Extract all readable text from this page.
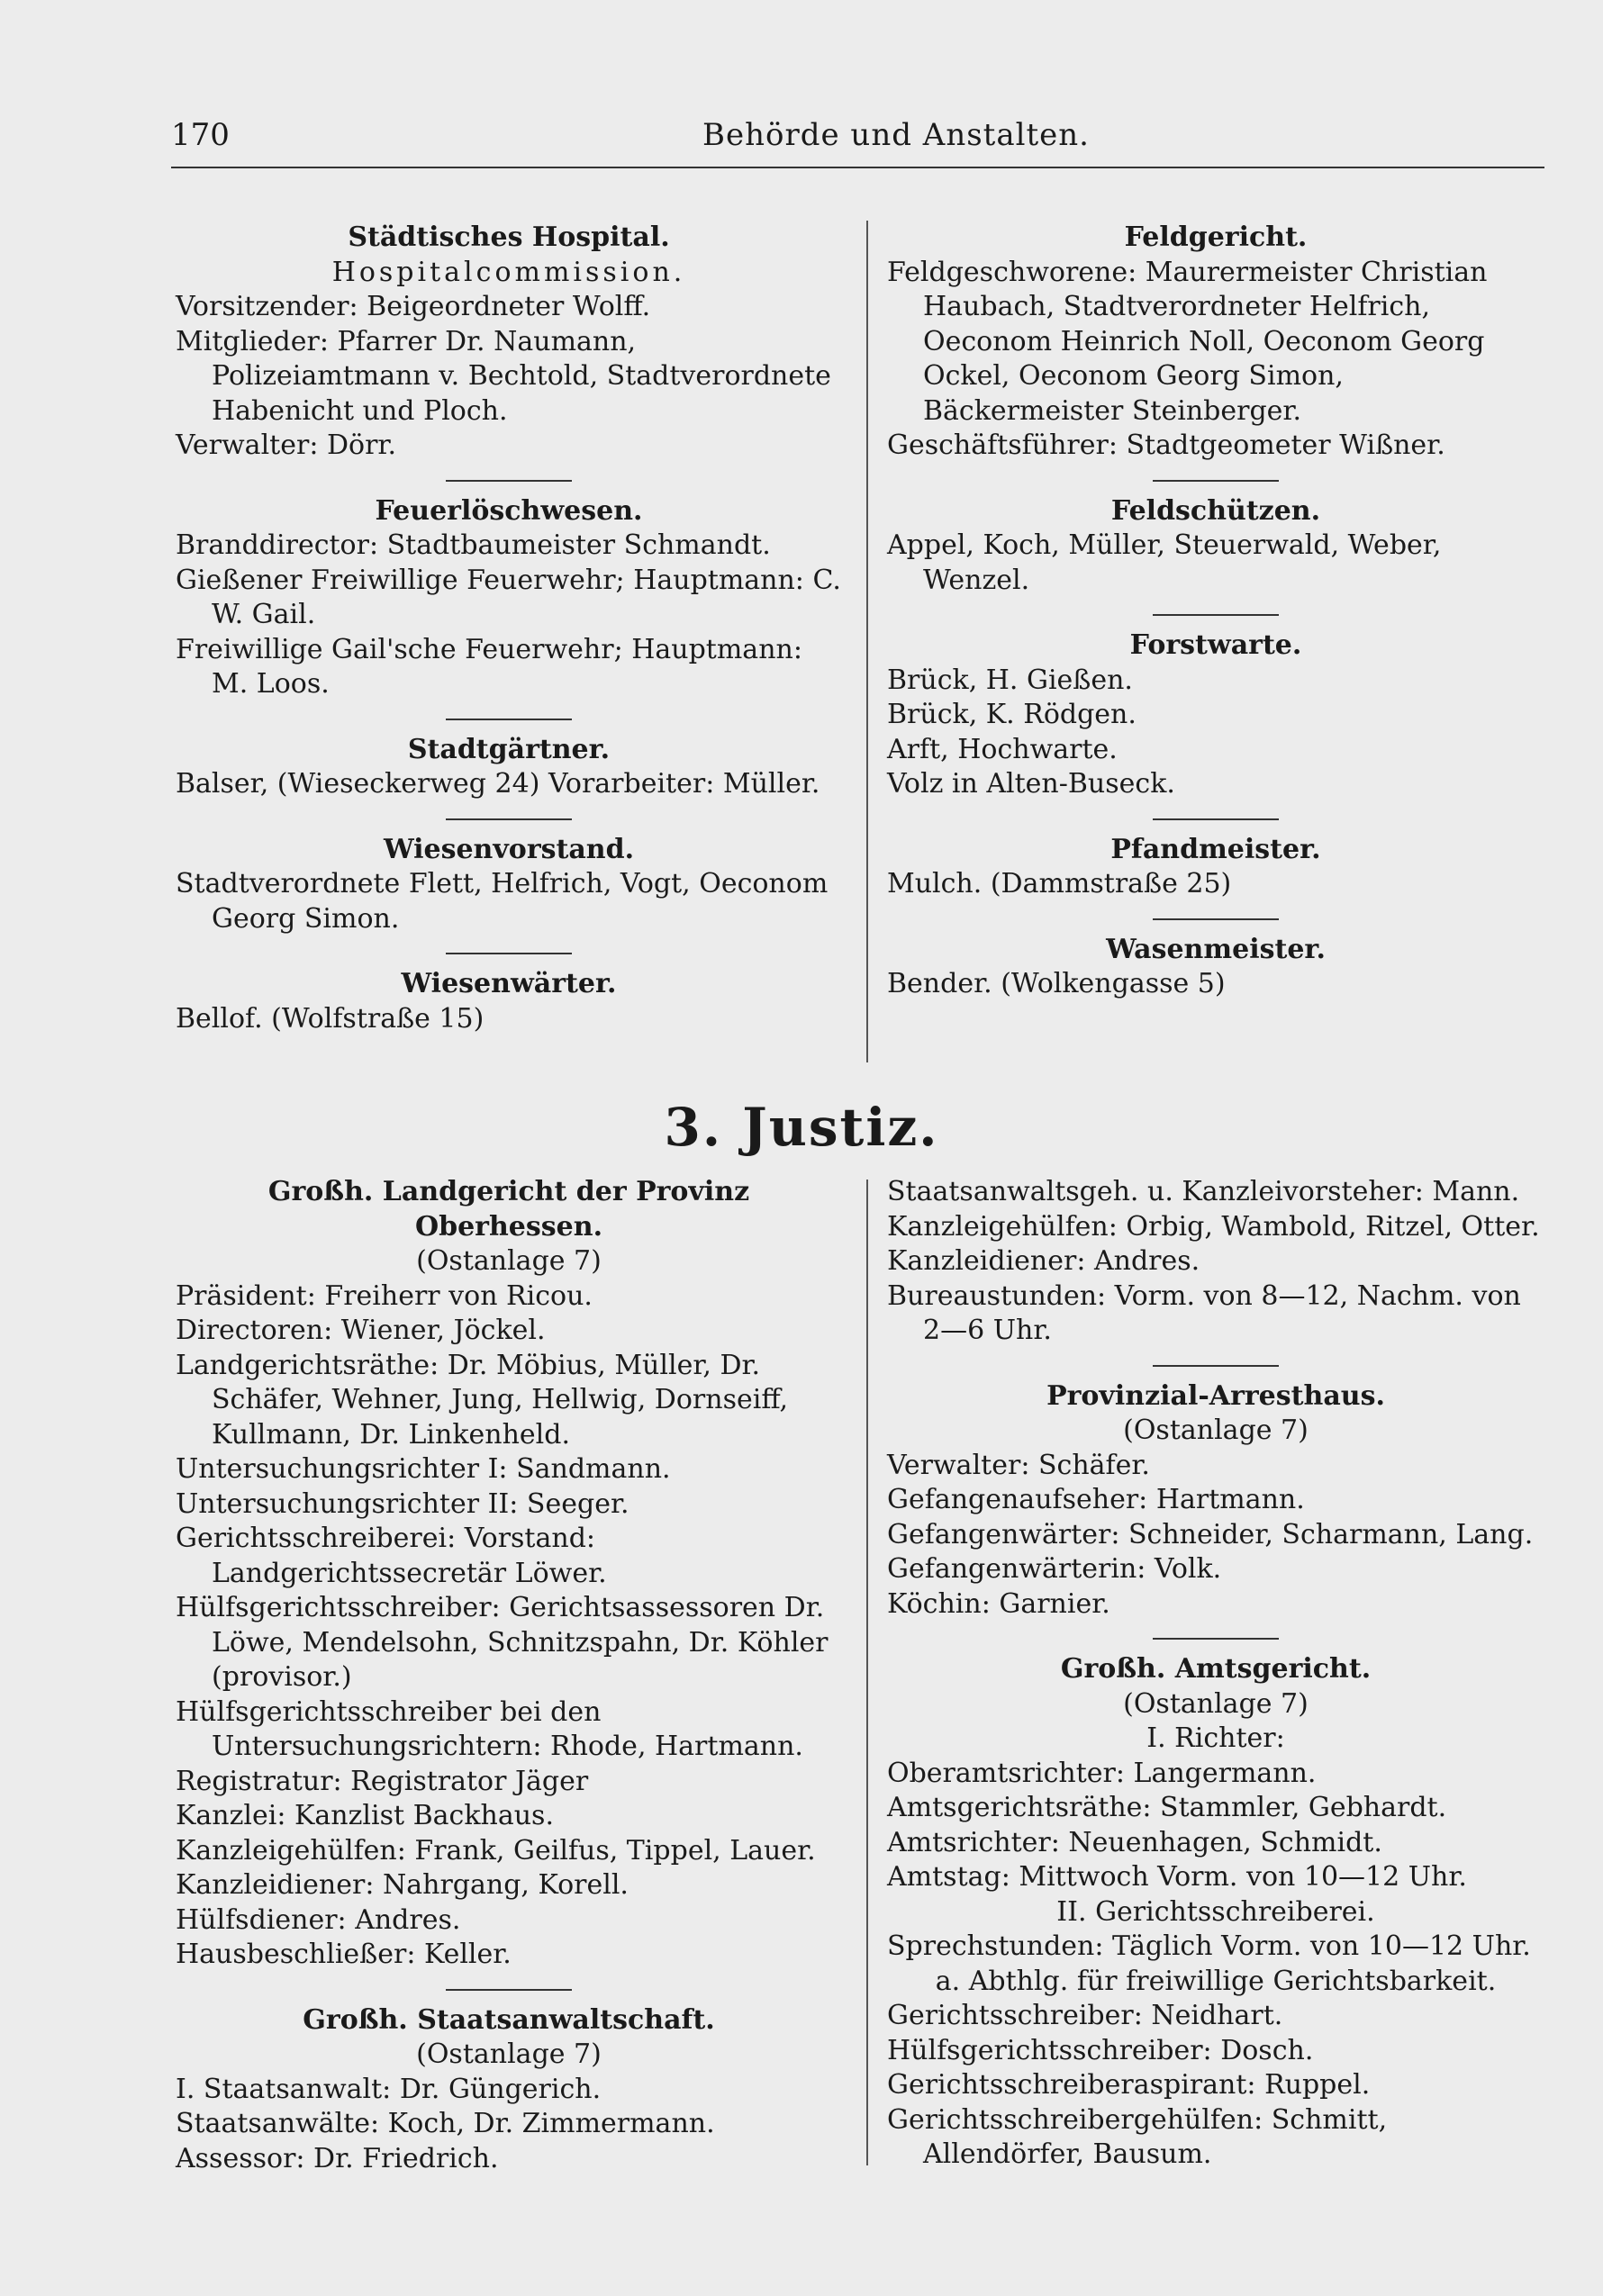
170	Behörde und Anstalten.
Städtisches Hospital.
Hospitalcommission.
Vorsitzender: Beigeordneter Wolff.
Mitglieder: Pfarrer Dr. Naumann, Polizeiamtmann v. Bechtold, Stadtverordnete Habenicht und Ploch.
Verwalter: Dörr.
Feuerlöschwesen.
Branddirector: Stadtbaumeister Schmandt.
Gießener Freiwillige Feuerwehr; Hauptmann: C. W. Gail.
Freiwillige Gail'sche Feuerwehr; Hauptmann: M. Loos.
Stadtgärtner.
Balser, (Wieseckerweg 24) Vorarbeiter: Müller.
Wiesenvorstand.
Stadtverordnete Flett, Helfrich, Vogt, Oeconom Georg Simon.
Wiesenwärter.
Bellof. (Wolfstraße 15)
Feldgericht.
Feldgeschworene: Maurermeister Christian Haubach, Stadtverordneter Helfrich, Oeconom Heinrich Noll, Oeconom Georg Ockel, Oeconom Georg Simon, Bäckermeister Steinberger.
Geschäftsführer: Stadtgeometer Wißner.
Feldschützen.
Appel, Koch, Müller, Steuerwald, Weber, Wenzel.
Forstwarte.
Brück, H. Gießen.
Brück, K. Rödgen.
Arft, Hochwarte.
Volz in Alten-Buseck.
Pfandmeister.
Mulch. (Dammstraße 25)
Wasenmeister.
Bender. (Wolkengasse 5)
3. Justiz.
Großh. Landgericht der Provinz Oberhessen.
(Ostanlage 7)
Präsident: Freiherr von Ricou.
Directoren: Wiener, Jöckel.
Landgerichtsräthe: Dr. Möbius, Müller, Dr. Schäfer, Wehner, Jung, Hellwig, Dornseiff, Kullmann, Dr. Linkenheld.
Untersuchungsrichter I: Sandmann.
Untersuchungsrichter II: Seeger.
Gerichtsschreiberei: Vorstand: Landgerichtssecretär Löwer.
Hülfsgerichtsschreiber: Gerichtsassessoren Dr. Löwe, Mendelsohn, Schnitzspahn, Dr. Köhler (provisor.)
Hülfsgerichtsschreiber bei den Untersuchungsrichtern: Rhode, Hartmann.
Registratur: Registrator Jäger
Kanzlei: Kanzlist Backhaus.
Kanzleigehülfen: Frank, Geilfus, Tippel, Lauer.
Kanzleidiener: Nahrgang, Korell.
Hülfsdiener: Andres.
Hausbeschließer: Keller.
Großh. Staatsanwaltschaft.
(Ostanlage 7)
I. Staatsanwalt: Dr. Güngerich.
Staatsanwälte: Koch, Dr. Zimmermann.
Assessor: Dr. Friedrich.
Staatsanwaltsgeh. u. Kanzleivorsteher: Mann.
Kanzleigehülfen: Orbig, Wambold, Ritzel, Otter.
Kanzleidiener: Andres.
Bureaustunden: Vorm. von 8—12, Nachm. von 2—6 Uhr.
Provinzial-Arresthaus.
(Ostanlage 7)
Verwalter: Schäfer.
Gefangenaufseher: Hartmann.
Gefangenwärter: Schneider, Scharmann, Lang.
Gefangenwärterin: Volk.
Köchin: Garnier.
Großh. Amtsgericht.
(Ostanlage 7)
I. Richter:
Oberamtsrichter: Langermann.
Amtsgerichtsräthe: Stammler, Gebhardt.
Amtsrichter: Neuenhagen, Schmidt.
Amtstag: Mittwoch Vorm. von 10—12 Uhr.
II. Gerichtsschreiberei.
Sprechstunden: Täglich Vorm. von 10—12 Uhr.
a. Abthlg. für freiwillige Gerichtsbarkeit.
Gerichtsschreiber: Neidhart.
Hülfsgerichtsschreiber: Dosch.
Gerichtsschreiberaspirant: Ruppel.
Gerichtsschreibergehülfen: Schmitt, Allendörfer, Bausum.
